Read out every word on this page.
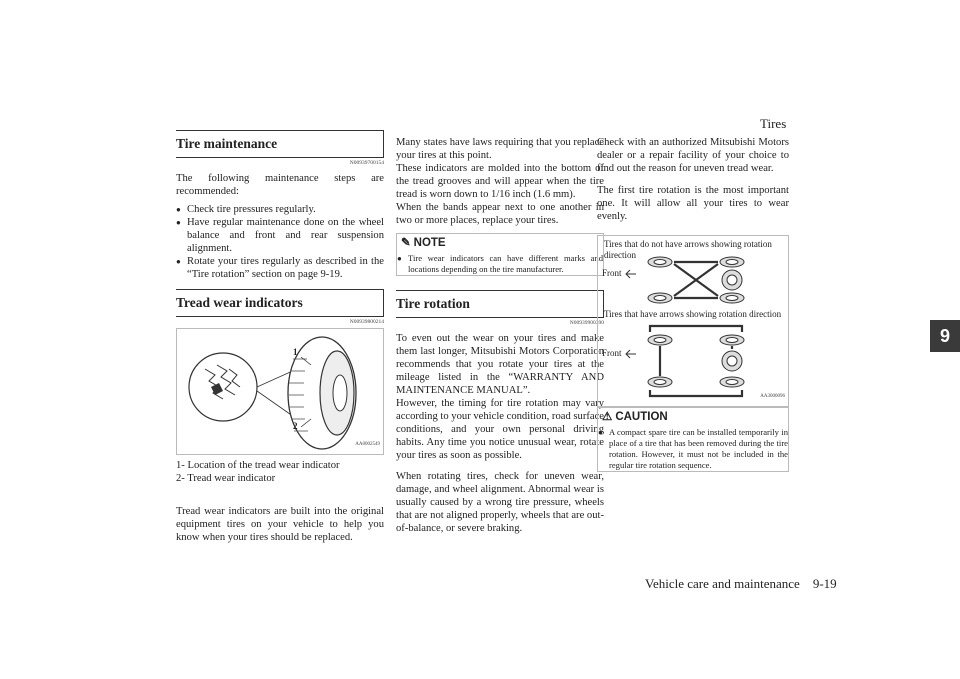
Tires
9
Vehicle care and maintenance    9-19
Tire maintenance
N00939700154

The following maintenance steps are recommended:

● Check tire pressures regularly.
● Have regular maintenance done on the wheel balance and front and rear suspension alignment.
● Rotate your tires regularly as described in the “Tire rotation” section on page 9-19.
Tread wear indicators
N00939800214
1
2
AA0002549
1- Location of the tread wear indicator
2- Tread wear indicator

Tread wear indicators are built into the original equipment tires on your vehicle to help you know when your tires should be replaced.

Many states have laws requiring that you replace your tires at this point.

These indicators are molded into the bottom of the tread grooves and will appear when the tire tread is worn down to 1/16 inch (1.6 mm).

When the bands appear next to one another in two or more places, replace your tires.

✎ NOTE
● Tire wear indicators can have different marks and locations depending on the tire manufacturer.
Tire rotation
N00939900390

To even out the wear on your tires and make them last longer, Mitsubishi Motors Corporation recommends that you rotate your tires at the mileage listed in the “WARRANTY AND MAINTENANCE MANUAL”.

However, the timing for tire rotation may vary according to your vehicle condition, road surface conditions, and your own personal driving habits. Any time you notice unusual wear, rotate your tires as soon as possible.

When rotating tires, check for uneven wear, damage, and wheel alignment. Abnormal wear is usually caused by a wrong tire pressure, wheels that are not aligned properly, wheels that are out-of-balance, or severe braking.

Check with an authorized Mitsubishi Motors dealer or a repair facility of your choice to find out the reason for uneven tread wear.

The first tire rotation is the most important one. It will allow all your tires to wear evenly.

Tires that do not have arrows showing rotation direction
Front
Tires that have arrows showing rotation direction
Front
AA3000096
⚠ CAUTION
● A compact spare tire can be installed temporarily in place of a tire that has been removed during the tire rotation. However, it must not be included in the regular tire rotation sequence.
